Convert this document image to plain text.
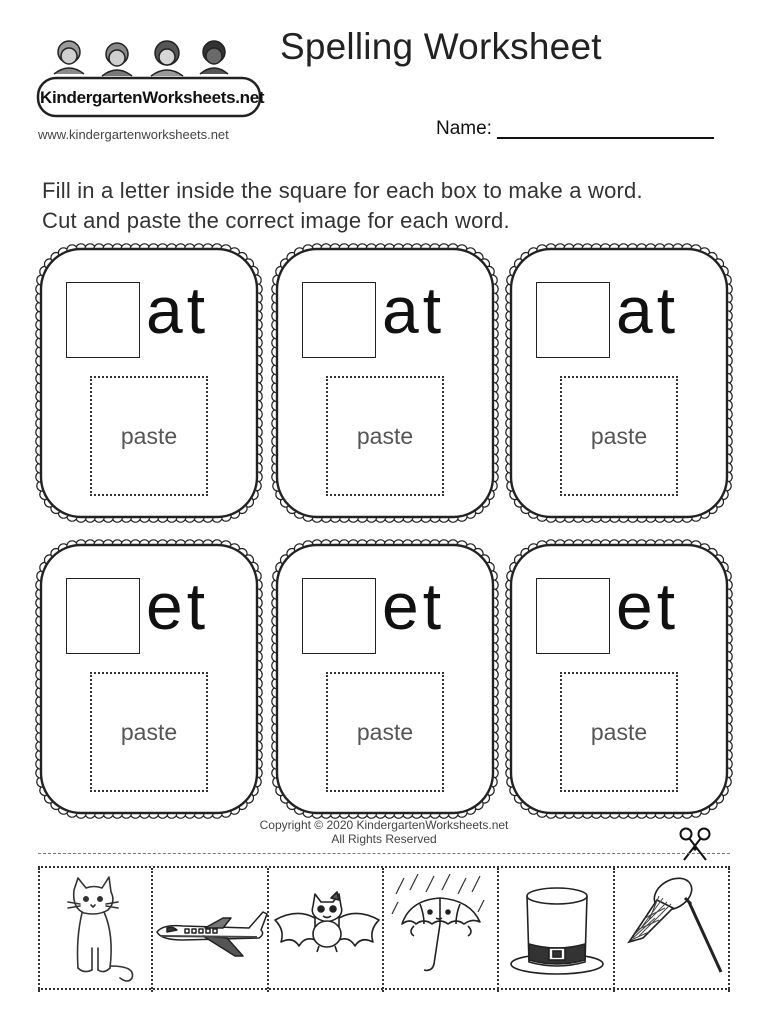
KindergartenWorksheets.net
www.kindergartenworksheets.net
Spelling Worksheet
Name:
Fill in a letter inside the square for each box to make a word.
Cut and paste the correct image for each word.
at
paste
at
paste
at
paste
et
paste
et
paste
et
paste
Copyright © 2020 KindergartenWorksheets.net
All Rights Reserved
